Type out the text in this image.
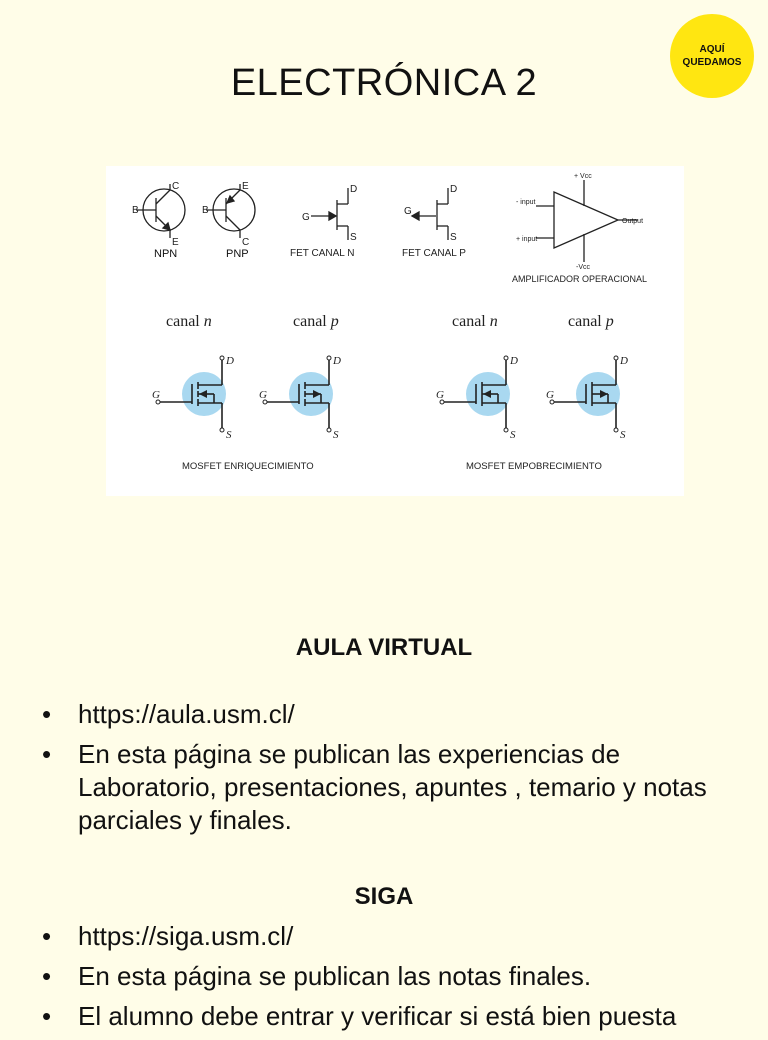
ELECTRÓNICA 2
AQUÍ
QUEDAMOS
B
C
E
NPN
B
E
C
PNP
G
D
S
FET CANAL N
G
D
S
FET CANAL P
+ Vcc
-Vcc
- input
+ input
Output
AMPLIFICADOR OPERACIONAL
canal n	canal p	canal n	canal p
G
D
S
G
D
S
G
D
S
G
D
S
MOSFET ENRIQUECIMIENTO	MOSFET EMPOBRECIMIENTO
AULA VIRTUAL
• https://aula.usm.cl/
• En esta página se publican las experiencias de Laboratorio, presentaciones, apuntes , temario y notas parciales y finales.
SIGA
• https://siga.usm.cl/
• En esta página se publican las notas finales.
• El alumno debe entrar y verificar si está bien puesta
